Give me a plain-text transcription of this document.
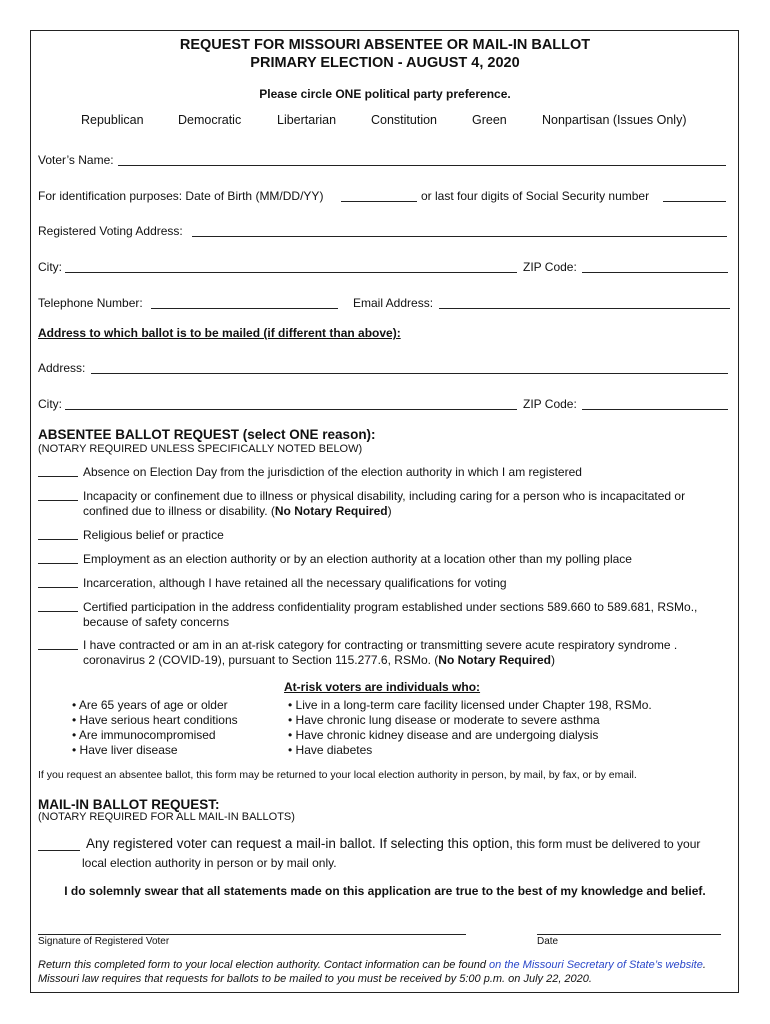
REQUEST FOR MISSOURI ABSENTEE OR MAIL-IN BALLOT
PRIMARY ELECTION - AUGUST 4, 2020
Please circle ONE political party preference.
Republican	Democratic	Libertarian	Constitution	Green	Nonpartisan (Issues Only)
Voter’s Name:
For identification purposes: Date of Birth (MM/DD/YY)	or last four digits of Social Security number
Registered Voting Address:
City:	ZIP Code:
Telephone Number:	Email Address:
Address to which ballot is to be mailed (if different than above):
Address:
City:	ZIP Code:
ABSENTEE BALLOT REQUEST (select ONE reason):
(NOTARY REQUIRED UNLESS SPECIFICALLY NOTED BELOW)
Absence on Election Day from the jurisdiction of the election authority in which I am registered
Incapacity or confinement due to illness or physical disability, including caring for a person who is incapacitated or confined due to illness or disability. (No Notary Required)
Religious belief or practice
Employment as an election authority or by an election authority at a location other than my polling place
Incarceration, although I have retained all the necessary qualifications for voting
Certified participation in the address confidentiality program established under sections 589.660 to 589.681, RSMo., because of safety concerns
I have contracted or am in an at-risk category for contracting or transmitting severe acute respiratory syndrome . coronavirus 2 (COVID-19), pursuant to Section 115.277.6, RSMo. (No Notary Required)
At-risk voters are individuals who:
• Are 65 years of age or older
• Have serious heart conditions
• Are immunocompromised
• Have liver disease
• Live in a long-term care facility licensed under Chapter 198, RSMo.
• Have chronic lung disease or moderate to severe asthma
• Have chronic kidney disease and are undergoing dialysis
• Have diabetes
If you request an absentee ballot, this form may be returned to your local election authority in person, by mail, by fax, or by email.
MAIL-IN BALLOT REQUEST:
(NOTARY REQUIRED FOR ALL MAIL-IN BALLOTS)
Any registered voter can request a mail-in ballot. If selecting this option, this form must be delivered to your
local election authority in person or by mail only.
I do solemnly swear that all statements made on this application are true to the best of my knowledge and belief.
Signature of Registered Voter	Date
Return this completed form to your local election authority. Contact information can be found on the Missouri Secretary of State’s website.
Missouri law requires that requests for ballots to be mailed to you must be received by 5:00 p.m. on July 22, 2020.
